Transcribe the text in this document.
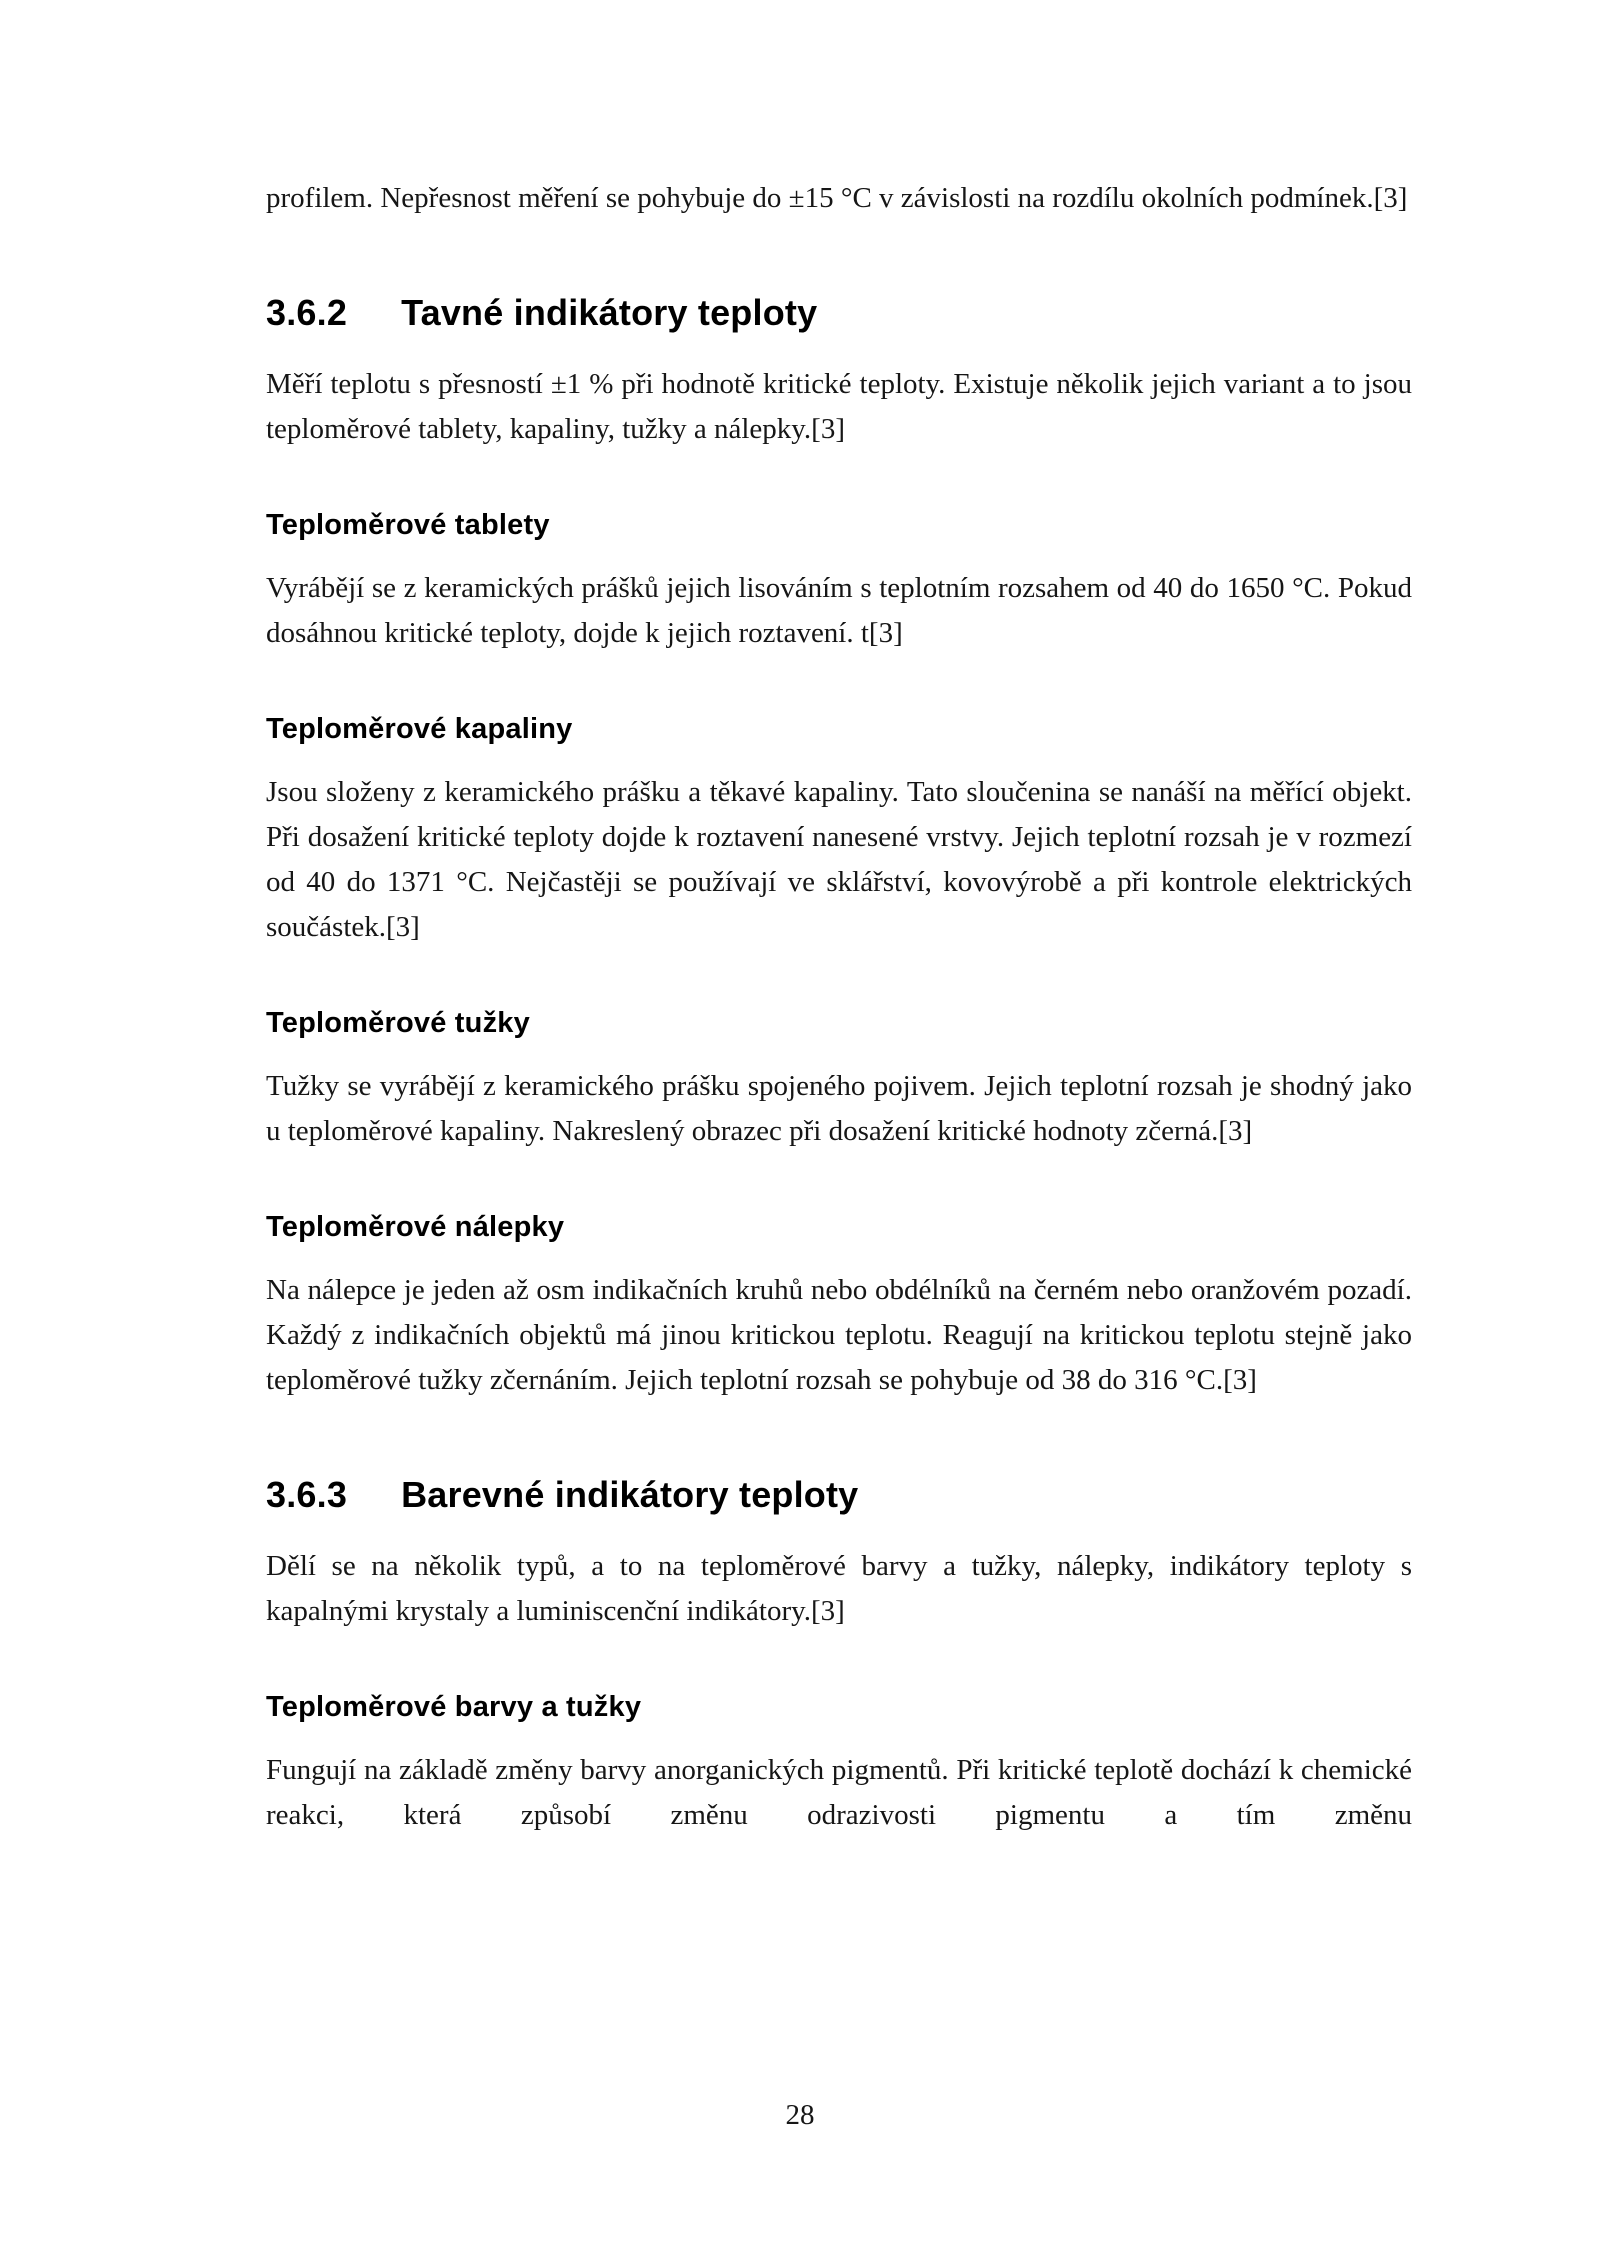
profilem. Nepřesnost měření se pohybuje do ±15 °C v závislosti na rozdílu okolních podmínek.[3]

3.6.2 Tavné indikátory teploty

Měří teplotu s přesností ±1 % při hodnotě kritické teploty. Existuje několik jejich variant a to jsou teploměrové tablety, kapaliny, tužky a nálepky.[3]

Teploměrové tablety

Vyrábějí se z keramických prášků jejich lisováním s teplotním rozsahem od 40 do 1650 °C. Pokud dosáhnou kritické teploty, dojde k jejich roztavení. t[3]

Teploměrové kapaliny

Jsou složeny z keramického prášku a těkavé kapaliny. Tato sloučenina se nanáší na měřící objekt. Při dosažení kritické teploty dojde k roztavení nanesené vrstvy. Jejich teplotní rozsah je v rozmezí od 40 do 1371 °C. Nejčastěji se používají ve sklářství, kovovýrobě a při kontrole elektrických součástek.[3]

Teploměrové tužky

Tužky se vyrábějí z keramického prášku spojeného pojivem. Jejich teplotní rozsah je shodný jako u teploměrové kapaliny. Nakreslený obrazec při dosažení kritické hodnoty zčerná.[3]

Teploměrové nálepky

Na nálepce je jeden až osm indikačních kruhů nebo obdélníků na černém nebo oranžovém pozadí. Každý z indikačních objektů má jinou kritickou teplotu. Reagují na kritickou teplotu stejně jako teploměrové tužky zčernáním. Jejich teplotní rozsah se pohybuje od 38 do 316 °C.[3]

3.6.3 Barevné indikátory teploty

Dělí se na několik typů, a to na teploměrové barvy a tužky, nálepky, indikátory teploty s kapalnými krystaly a luminiscenční indikátory.[3]

Teploměrové barvy a tužky

Fungují na základě změny barvy anorganických pigmentů. Při kritické teplotě dochází k chemické reakci, která způsobí změnu odrazivosti pigmentu a tím změnu

28
